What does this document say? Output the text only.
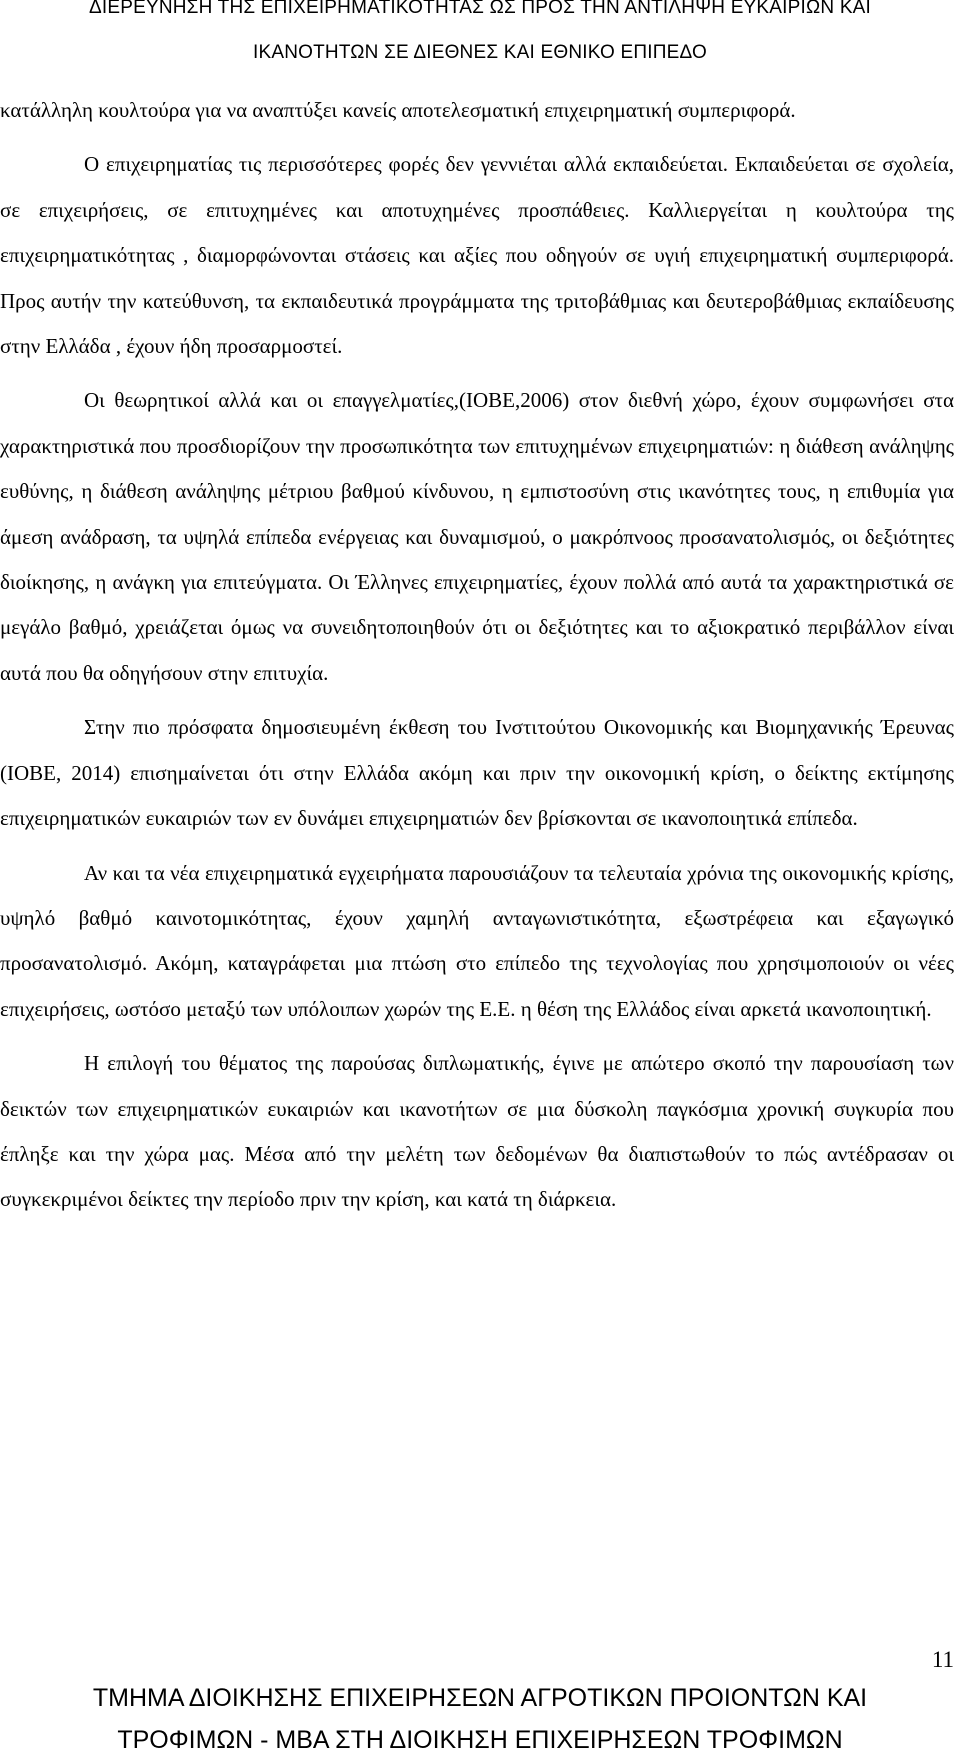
ΔΙΕΡΕΥΝΗΣΗ ΤΗΣ ΕΠΙΧΕΙΡΗΜΑΤΙΚΟΤΗΤΑΣ ΩΣ ΠΡΟΣ ΤΗΝ ΑΝΤΙΛΗΨΗ ΕΥΚΑΙΡΙΩΝ ΚΑΙ
ΙΚΑΝΟΤΗΤΩΝ ΣΕ ΔΙΕΘΝΕΣ ΚΑΙ ΕΘΝΙΚΟ ΕΠΙΠΕΔΟ

κατάλληλη κουλτούρα για να αναπτύξει κανείς αποτελεσματική επιχειρηματική συμπεριφορά.

Ο επιχειρηματίας τις περισσότερες φορές δεν γεννιέται αλλά εκπαιδεύεται. Εκπαιδεύεται σε σχολεία, σε επιχειρήσεις, σε επιτυχημένες και αποτυχημένες προσπάθειες. Καλλιεργείται η κουλτούρα της επιχειρηματικότητας , διαμορφώνονται στάσεις και αξίες που οδηγούν σε υγιή επιχειρηματική συμπεριφορά. Προς αυτήν την κατεύθυνση, τα εκπαιδευτικά προγράμματα της τριτοβάθμιας και δευτεροβάθμιας εκπαίδευσης στην Ελλάδα , έχουν ήδη προσαρμοστεί.

Οι θεωρητικοί αλλά και οι επαγγελματίες,(ΙΟΒΕ,2006) στον διεθνή χώρο, έχουν συμφωνήσει στα χαρακτηριστικά που προσδιορίζουν την προσωπικότητα των επιτυχημένων επιχειρηματιών: η διάθεση ανάληψης ευθύνης, η διάθεση ανάληψης μέτριου βαθμού κίνδυνου, η εμπιστοσύνη στις ικανότητες τους, η επιθυμία για άμεση ανάδραση, τα υψηλά επίπεδα ενέργειας και δυναμισμού, ο μακρόπνοος προσανατολισμός, οι δεξιότητες διοίκησης, η ανάγκη για επιτεύγματα. Οι Έλληνες επιχειρηματίες, έχουν πολλά από αυτά τα χαρακτηριστικά σε μεγάλο βαθμό, χρειάζεται όμως να συνειδητοποιηθούν ότι οι δεξιότητες και το αξιοκρατικό περιβάλλον είναι αυτά που θα οδηγήσουν στην επιτυχία.

Στην πιο πρόσφατα δημοσιευμένη έκθεση του Ινστιτούτου Οικονομικής και Βιομηχανικής Έρευνας (ΙΟΒΕ, 2014) επισημαίνεται ότι στην Ελλάδα ακόμη και πριν την οικονομική κρίση, ο δείκτης εκτίμησης επιχειρηματικών ευκαιριών των εν δυνάμει επιχειρηματιών δεν βρίσκονται σε ικανοποιητικά επίπεδα.

Αν και τα νέα επιχειρηματικά εγχειρήματα παρουσιάζουν τα τελευταία χρόνια της οικονομικής κρίσης, υψηλό βαθμό καινοτομικότητας, έχουν χαμηλή ανταγωνιστικότητα, εξωστρέφεια και εξαγωγικό προσανατολισμό. Ακόμη, καταγράφεται μια πτώση στο επίπεδο της τεχνολογίας που χρησιμοποιούν οι νέες επιχειρήσεις, ωστόσο μεταξύ των υπόλοιπων χωρών της Ε.Ε. η θέση της Ελλάδος είναι αρκετά ικανοποιητική.

Η επιλογή του θέματος της παρούσας διπλωματικής, έγινε με απώτερο σκοπό την παρουσίαση των δεικτών των επιχειρηματικών ευκαιριών και ικανοτήτων σε μια δύσκολη παγκόσμια χρονική συγκυρία που έπληξε και την χώρα μας. Μέσα από την μελέτη των δεδομένων θα διαπιστωθούν το πώς αντέδρασαν οι συγκεκριμένοι δείκτες την περίοδο πριν την κρίση, και κατά τη διάρκεια.

11
ΤΜΗΜΑ ΔΙΟΙΚΗΣΗΣ ΕΠΙΧΕΙΡΗΣΕΩΝ ΑΓΡΟΤΙΚΩΝ ΠΡΟΙΟΝΤΩΝ ΚΑΙ
ΤΡΟΦΙΜΩΝ - ΜΒΑ ΣΤΗ ΔΙΟΙΚΗΣΗ ΕΠΙΧΕΙΡΗΣΕΩΝ ΤΡΟΦΙΜΩΝ
